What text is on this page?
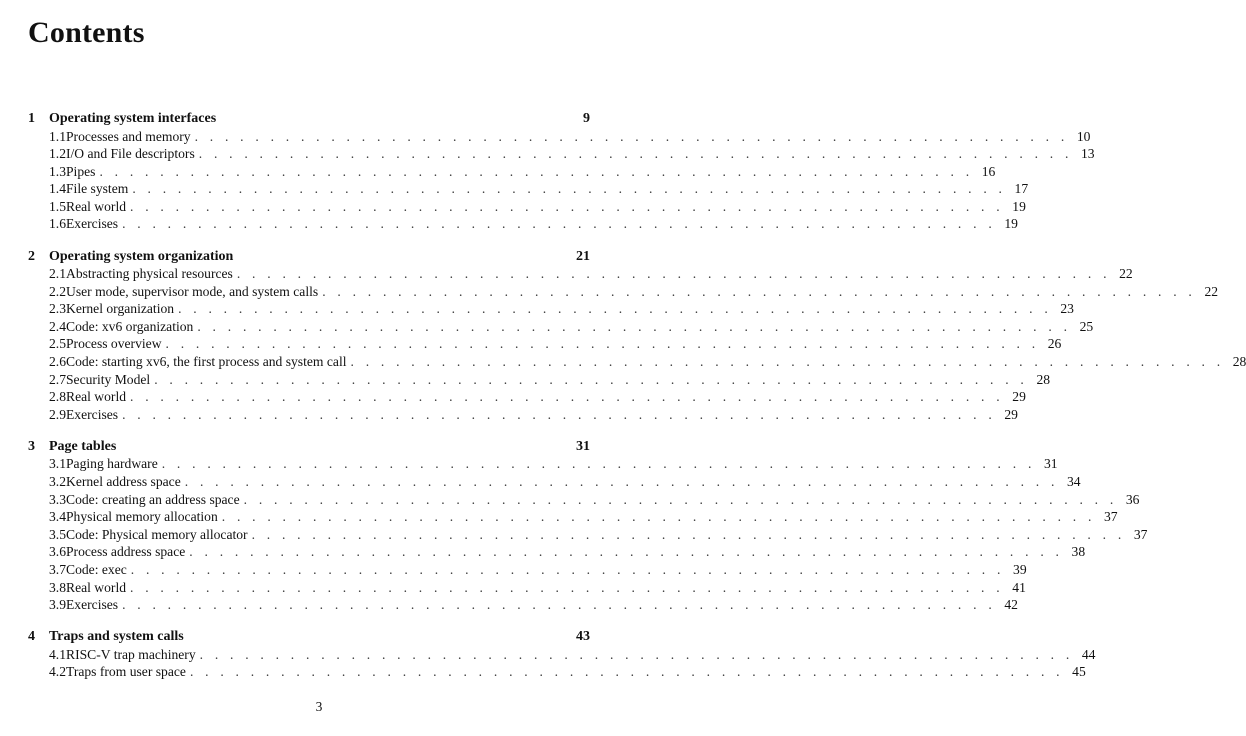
Contents
1	Operating system interfaces	9
1.1 Processes and memory . . . . . . . . . . . . . . . . . . . . . . . . . . . . . . . . . . . . . . . . . . . . . . . . . . . . . . . . . . 10
1.2 I/O and File descriptors . . . . . . . . . . . . . . . . . . . . . . . . . . . . . . . . . . . . . . . . . . . . . . . . . . . . . . . . . . 13
1.3 Pipes . . . . . . . . . . . . . . . . . . . . . . . . . . . . . . . . . . . . . . . . . . . . . . . . . . . . . . . . . . 16
1.4 File system . . . . . . . . . . . . . . . . . . . . . . . . . . . . . . . . . . . . . . . . . . . . . . . . . . . . . . . . . . 17
1.5 Real world . . . . . . . . . . . . . . . . . . . . . . . . . . . . . . . . . . . . . . . . . . . . . . . . . . . . . . . . . . 19
1.6 Exercises . . . . . . . . . . . . . . . . . . . . . . . . . . . . . . . . . . . . . . . . . . . . . . . . . . . . . . . . . . 19
2	Operating system organization	21
2.1 Abstracting physical resources . . . . . . . . . . . . . . . . . . . . . . . . . . . . . . . . . . . . . . . . . . . . . . . . . . . . . . . . . . 22
2.2 User mode, supervisor mode, and system calls . . . . . . . . . . . . . . . . . . . . . . . . . . . . . . . . . . . . . . . . . . . . . . . . . . . . . . . . . . 22
2.3 Kernel organization . . . . . . . . . . . . . . . . . . . . . . . . . . . . . . . . . . . . . . . . . . . . . . . . . . . . . . . . . . 23
2.4 Code: xv6 organization . . . . . . . . . . . . . . . . . . . . . . . . . . . . . . . . . . . . . . . . . . . . . . . . . . . . . . . . . . 25
2.5 Process overview . . . . . . . . . . . . . . . . . . . . . . . . . . . . . . . . . . . . . . . . . . . . . . . . . . . . . . . . . . 26
2.6 Code: starting xv6, the first process and system call . . . . . . . . . . . . . . . . . . . . . . . . . . . . . . . . . . . . . . . . . . . . . . . . . . . . . . . . . . 28
2.7 Security Model . . . . . . . . . . . . . . . . . . . . . . . . . . . . . . . . . . . . . . . . . . . . . . . . . . . . . . . . . . 28
2.8 Real world . . . . . . . . . . . . . . . . . . . . . . . . . . . . . . . . . . . . . . . . . . . . . . . . . . . . . . . . . . 29
2.9 Exercises . . . . . . . . . . . . . . . . . . . . . . . . . . . . . . . . . . . . . . . . . . . . . . . . . . . . . . . . . . 29
3	Page tables	31
3.1 Paging hardware . . . . . . . . . . . . . . . . . . . . . . . . . . . . . . . . . . . . . . . . . . . . . . . . . . . . . . . . . . 31
3.2 Kernel address space . . . . . . . . . . . . . . . . . . . . . . . . . . . . . . . . . . . . . . . . . . . . . . . . . . . . . . . . . . 34
3.3 Code: creating an address space . . . . . . . . . . . . . . . . . . . . . . . . . . . . . . . . . . . . . . . . . . . . . . . . . . . . . . . . . . 36
3.4 Physical memory allocation . . . . . . . . . . . . . . . . . . . . . . . . . . . . . . . . . . . . . . . . . . . . . . . . . . . . . . . . . . 37
3.5 Code: Physical memory allocator . . . . . . . . . . . . . . . . . . . . . . . . . . . . . . . . . . . . . . . . . . . . . . . . . . . . . . . . . . 37
3.6 Process address space . . . . . . . . . . . . . . . . . . . . . . . . . . . . . . . . . . . . . . . . . . . . . . . . . . . . . . . . . . 38
3.7 Code: exec . . . . . . . . . . . . . . . . . . . . . . . . . . . . . . . . . . . . . . . . . . . . . . . . . . . . . . . . . . 39
3.8 Real world . . . . . . . . . . . . . . . . . . . . . . . . . . . . . . . . . . . . . . . . . . . . . . . . . . . . . . . . . . 41
3.9 Exercises . . . . . . . . . . . . . . . . . . . . . . . . . . . . . . . . . . . . . . . . . . . . . . . . . . . . . . . . . . 42
4	Traps and system calls	43
4.1 RISC-V trap machinery . . . . . . . . . . . . . . . . . . . . . . . . . . . . . . . . . . . . . . . . . . . . . . . . . . . . . . . . . . 44
4.2 Traps from user space . . . . . . . . . . . . . . . . . . . . . . . . . . . . . . . . . . . . . . . . . . . . . . . . . . . . . . . . . . 45
3
